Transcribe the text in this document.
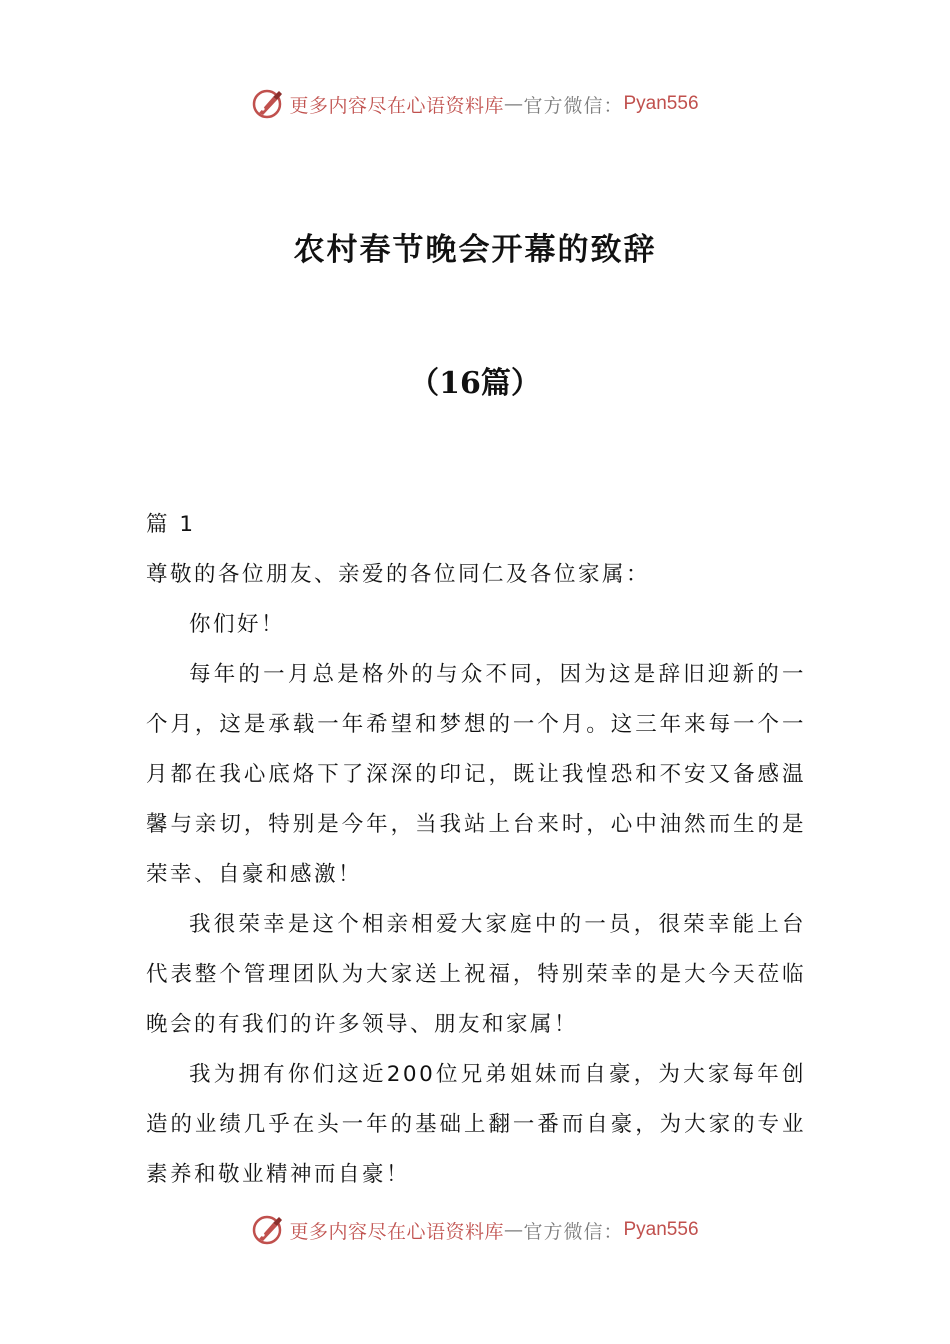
更多内容尽在心语资料库 — 官方微信： Pyan556
农村春节晚会开幕的致辞
（16篇）

篇 1

尊敬的各位朋友、亲爱的各位同仁及各位家属：

你们好！

每年的一月总是格外的与众不同，因为这是辞旧迎新的一个月，这是承载一年希望和梦想的一个月。这三年来每一个一月都在我心底烙下了深深的印记，既让我惶恐和不安又备感温馨与亲切，特别是今年，当我站上台来时，心中油然而生的是荣幸、自豪和感激！

我很荣幸是这个相亲相爱大家庭中的一员，很荣幸能上台代表整个管理团队为大家送上祝福，特别荣幸的是大今天莅临晚会的有我们的许多领导、朋友和家属！

我为拥有你们这近200位兄弟姐妹而自豪，为大家每年创造的业绩几乎在头一年的基础上翻一番而自豪，为大家的专业素养和敬业精神而自豪！

更多内容尽在心语资料库 — 官方微信： Pyan556
